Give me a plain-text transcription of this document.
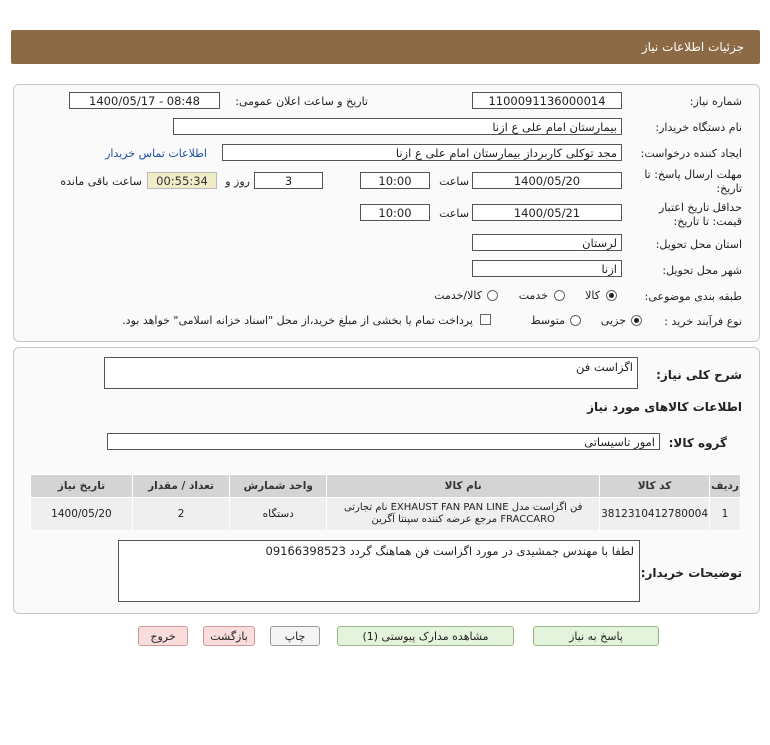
جزئیات اطلاعات نیاز
شماره نیاز:
1100091136000014
تاریخ و ساعت اعلان عمومی:
1400/05/17 - 08:48
نام دستگاه خریدار:
بیمارستان امام علی ع ازنا
ایجاد کننده درخواست:
مجد توکلی کاربرداز بیمارستان امام علی ع ازنا
اطلاعات تماس خریدار
مهلت ارسال پاسخ: تا
تاریخ:
1400/05/20
ساعت
10:00
3
روز و
00:55:34
ساعت باقی مانده
حداقل تاریخ اعتبار
قیمت: تا تاریخ:
1400/05/21
ساعت
10:00
استان محل تحویل:
لرستان
شهر محل تحویل:
ازنا
طبقه بندی موضوعی:
کالا
خدمت
کالا/خدمت
نوع فرآیند خرید :
جزیی
متوسط
پرداخت تمام یا بخشی از مبلغ خرید،از محل "اسناد خزانه اسلامی" خواهد بود.
شرح کلی نیاز:
اگزاست فن
اطلاعات کالاهای مورد نیاز
گروه کالا:
امور تاسیساتی
ردیف	کد کالا	نام کالا	واحد شمارش	تعداد / مقدار	تاریخ نیاز
1	3812310412780004	فن اگزاست مدل EXHAUST FAN PAN LINE نام تجارتی
FRACCARO مرجع عرضه کننده سپنتا آگرین	دستگاه	2	1400/05/20
توضیحات خریدار:
لطفا با مهندس جمشیدی در مورد اگزاست فن هماهنگ گردد 09166398523
پاسخ به نیاز
مشاهده مدارک پیوستی (1)
چاپ
بازگشت
خروج
